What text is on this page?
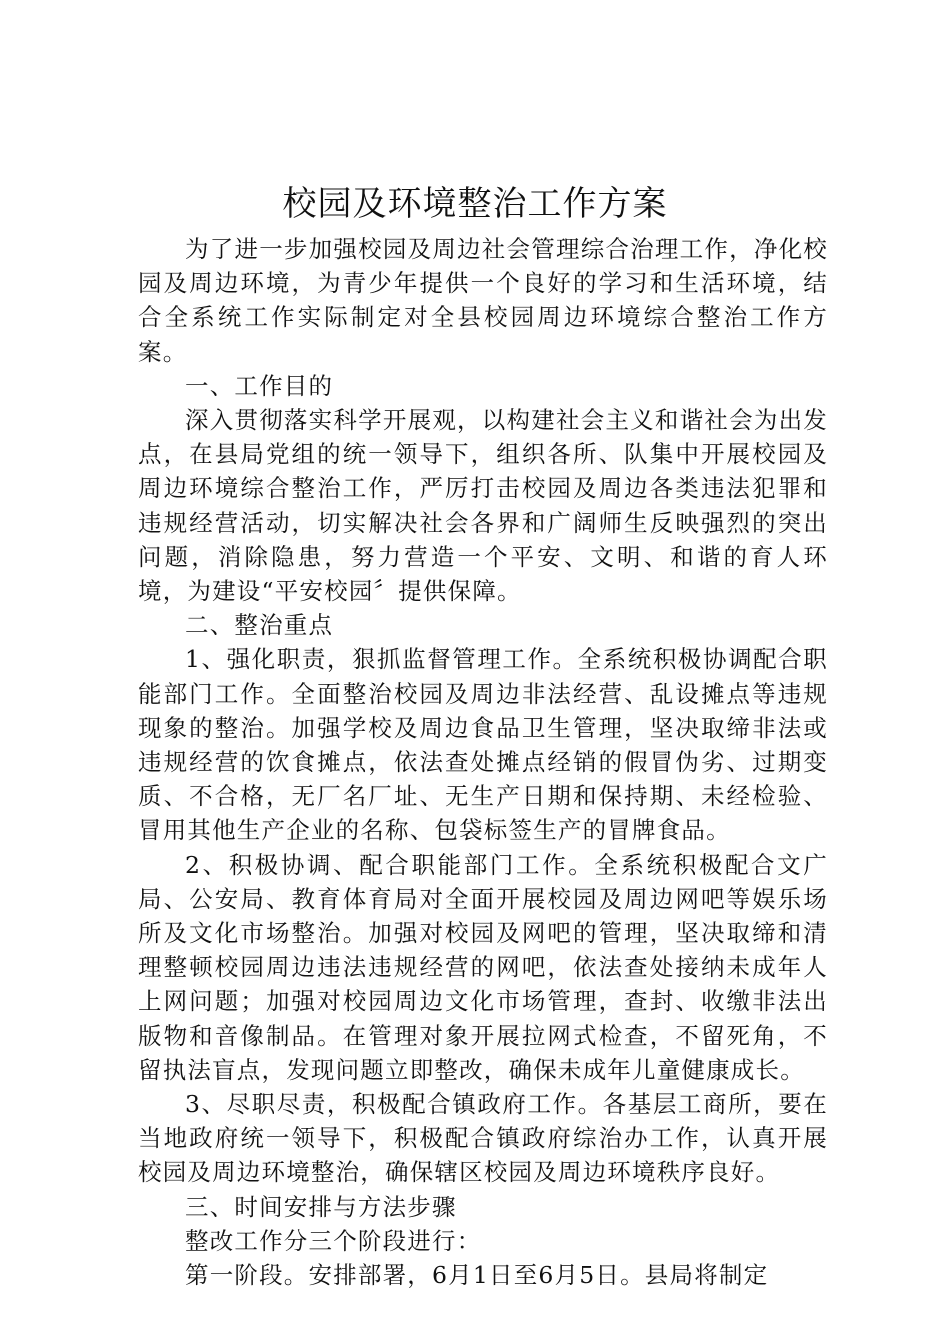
校园及环境整治工作方案

为了进一步加强校园及周边社会管理综合治理工作，净化校园及周边环境，为青少年提供一个良好的学习和生活环境，结合全系统工作实际制定对全县校园周边环境综合整治工作方案。

一、工作目的

深入贯彻落实科学开展观，以构建社会主义和谐社会为出发点，在县局党组的统一领导下，组织各所、队集中开展校园及周边环境综合整治工作，严厉打击校园及周边各类违法犯罪和违规经营活动，切实解决社会各界和广阔师生反映强烈的突出问题，消除隐患，努力营造一个平安、文明、和谐的育人环境，为建设“平安校园〞提供保障。

二、整治重点

1、强化职责，狠抓监督管理工作。全系统积极协调配合职能部门工作。全面整治校园及周边非法经营、乱设摊点等违规现象的整治。加强学校及周边食品卫生管理，坚决取缔非法或违规经营的饮食摊点，依法查处摊点经销的假冒伪劣、过期变质、不合格，无厂名厂址、无生产日期和保持期、未经检验、冒用其他生产企业的名称、包袋标签生产的冒牌食品。

2、积极协调、配合职能部门工作。全系统积极配合文广局、公安局、教育体育局对全面开展校园及周边网吧等娱乐场所及文化市场整治。加强对校园及网吧的管理，坚决取缔和清理整顿校园周边违法违规经营的网吧，依法查处接纳未成年人上网问题；加强对校园周边文化市场管理，查封、收缴非法出版物和音像制品。在管理对象开展拉网式检查，不留死角，不留执法盲点，发现问题立即整改，确保未成年儿童健康成长。

3、尽职尽责，积极配合镇政府工作。各基层工商所，要在当地政府统一领导下，积极配合镇政府综治办工作，认真开展校园及周边环境整治，确保辖区校园及周边环境秩序良好。

三、时间安排与方法步骤

整改工作分三个阶段进行：

第一阶段。安排部署，6月1日至6月5日。县局将制定
